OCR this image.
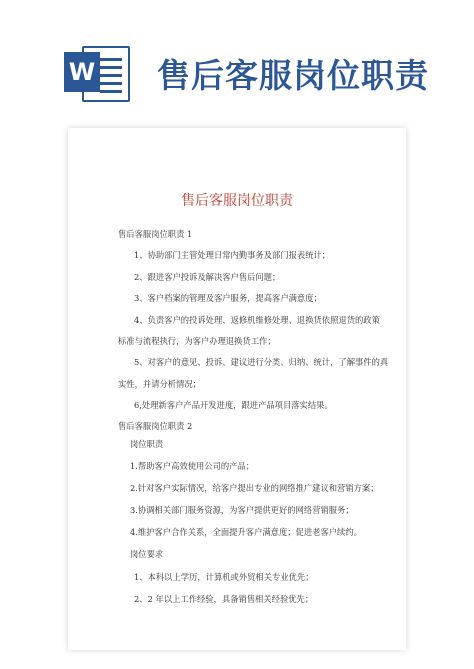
W 售后客服岗位职责
售后客服岗位职责
售后客服岗位职责 1
1、协助部门主管处理日常内勤事务及部门报表统计；
2、跟进客户投诉及解决客户售后问题；
3、客户档案的管理及客户服务，提高客户满意度；
4、负责客户的投诉处理、返修机维修处理、退换货依照退货的政策
标准与流程执行，为客户办理退换货工作；
5、对客户的意见、投诉、建议进行分类、归纳、统计，了解事件的真
实性，并请分析情况；
6,处理新客户产品开发进度，跟进产品项目落实结果。
售后客服岗位职责 2
岗位职责
1.帮助客户高效使用公司的产品；
2.针对客户实际情况，给客户提出专业的网络推广建议和营销方案；
3.协调相关部门服务资源，为客户提供更好的网络营销服务；
4.维护客户合作关系，全面提升客户满意度；促进老客户续约。
岗位要求
1、本科以上学历，计算机或外贸相关专业优先；
2、2 年以上工作经验，具备销售相关经验优先；
